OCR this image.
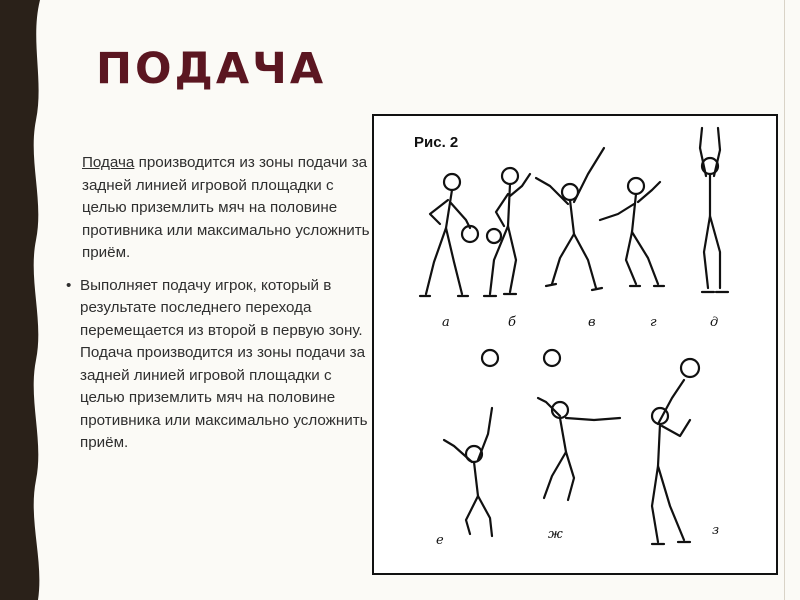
ПОДАЧА

Подача производится из зоны подачи за задней линией игровой площадки с целью приземлить мяч на половине противника или максимально усложнить приём.

• Выполняет подачу игрок, который в результате последнего перехода перемещается из второй в первую зону. Подача производится из зоны подачи за задней линией игровой площадки с целью приземлить мяч на половине противника или максимально усложнить приём.

Рис. 2

а	б	в	г	д
е	ж	з
